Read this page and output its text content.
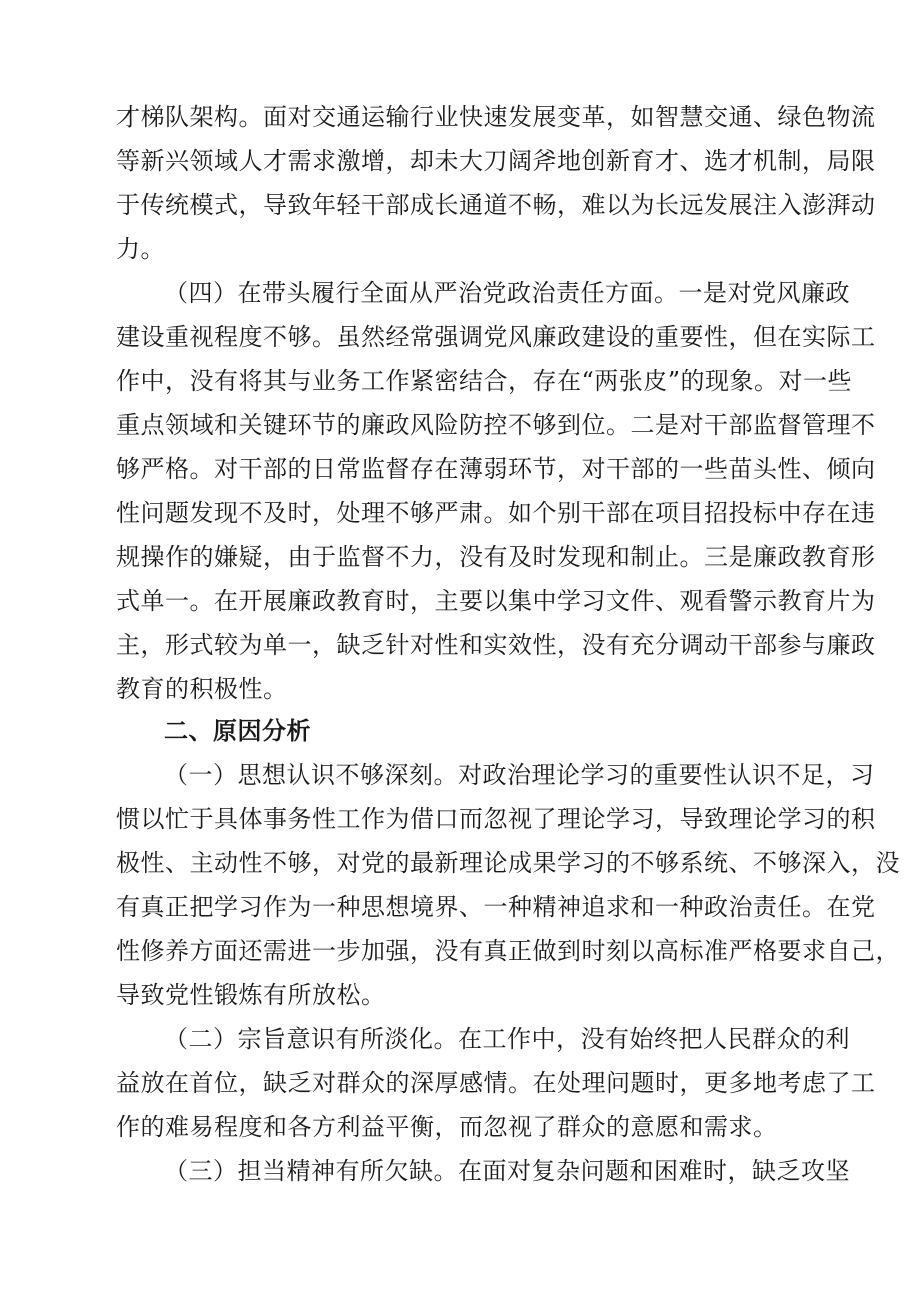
才梯队架构。面对交通运输行业快速发展变革，如智慧交通、绿色物流
等新兴领域人才需求激增，却未大刀阔斧地创新育才、选才机制，局限
于传统模式，导致年轻干部成长通道不畅，难以为长远发展注入澎湃动
力。
（四）在带头履行全面从严治党政治责任方面。一是对党风廉政
建设重视程度不够。虽然经常强调党风廉政建设的重要性，但在实际工
作中，没有将其与业务工作紧密结合，存在“两张皮”的现象。对一些
重点领域和关键环节的廉政风险防控不够到位。二是对干部监督管理不
够严格。对干部的日常监督存在薄弱环节，对干部的一些苗头性、倾向
性问题发现不及时，处理不够严肃。如个别干部在项目招投标中存在违
规操作的嫌疑，由于监督不力，没有及时发现和制止。三是廉政教育形
式单一。在开展廉政教育时，主要以集中学习文件、观看警示教育片为
主，形式较为单一，缺乏针对性和实效性，没有充分调动干部参与廉政
教育的积极性。
二、原因分析
（一）思想认识不够深刻。对政治理论学习的重要性认识不足，习
惯以忙于具体事务性工作为借口而忽视了理论学习，导致理论学习的积
极性、主动性不够，对党的最新理论成果学习的不够系统、不够深入，没
有真正把学习作为一种思想境界、一种精神追求和一种政治责任。在党
性修养方面还需进一步加强，没有真正做到时刻以高标准严格要求自己，
导致党性锻炼有所放松。
（二）宗旨意识有所淡化。在工作中，没有始终把人民群众的利
益放在首位，缺乏对群众的深厚感情。在处理问题时，更多地考虑了工
作的难易程度和各方利益平衡，而忽视了群众的意愿和需求。
（三）担当精神有所欠缺。在面对复杂问题和困难时，缺乏攻坚
